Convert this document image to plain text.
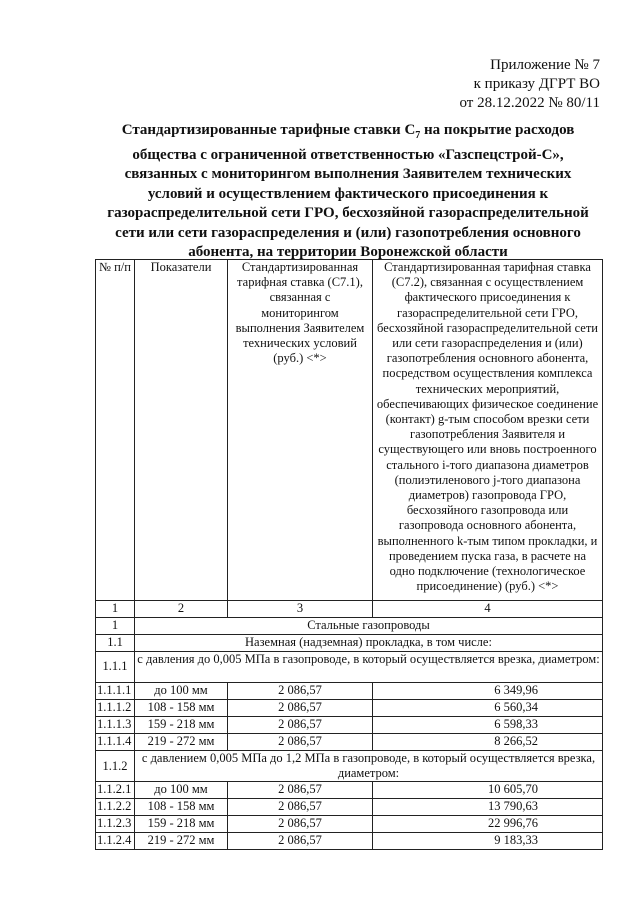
Приложение № 7
к приказу ДГРТ ВО
от 28.12.2022 № 80/11
Стандартизированные тарифные ставки $С_7$ на покрытие расходов общества с ограниченной ответственностью «Газспецстрой-С», связанных с мониторингом выполнения Заявителем технических условий и осуществлением фактического присоединения к газораспределительной сети ГРО, бесхозяйной газораспределительной сети или сети газораспределения и (или) газопотребления основного абонента, на территории Воронежской области
№ п/п	Показатели	Стандартизированная тарифная ставка (С7.1), связанная с мониторингом выполнения Заявителем технических условий (руб.) <*>	Стандартизированная тарифная ставка (С7.2), связанная с осуществлением фактического присоединения к газораспределительной сети ГРО, бесхозяйной газораспределительной сети или сети газораспределения и (или) газопотребления основного абонента, посредством осуществления комплекса технических мероприятий, обеспечивающих физическое соединение (контакт) g-тым способом врезки сети газопотребления Заявителя и существующего или вновь построенного стального i-того диапазона диаметров (полиэтиленового j-того диапазона диаметров) газопровода ГРО, бесхозяйного газопровода или газопровода основного абонента, выполненного k-тым типом прокладки, и проведением пуска газа, в расчете на одно подключение (технологическое присоединение) (руб.) <*>
1	2	3	4
1	Стальные газопроводы		
1.1	Наземная (надземная) прокладка, в том числе:		
1.1.1	с давления до 0,005 МПа в газопроводе, в который осуществляется врезка, диаметром:		
1.1.1.1	до 100 мм	2 086,57	6 349,96
1.1.1.2	108 - 158 мм	2 086,57	6 560,34
1.1.1.3	159 - 218 мм	2 086,57	6 598,33
1.1.1.4	219 - 272 мм	2 086,57	8 266,52
1.1.2	с давлением 0,005 МПа до 1,2 МПа в газопроводе, в который осуществляется врезка, диаметром:		
1.1.2.1	до 100 мм	2 086,57	10 605,70
1.1.2.2	108 - 158 мм	2 086,57	13 790,63
1.1.2.3	159 - 218 мм	2 086,57	22 996,76
1.1.2.4	219 - 272 мм	2 086,57	9 183,33
